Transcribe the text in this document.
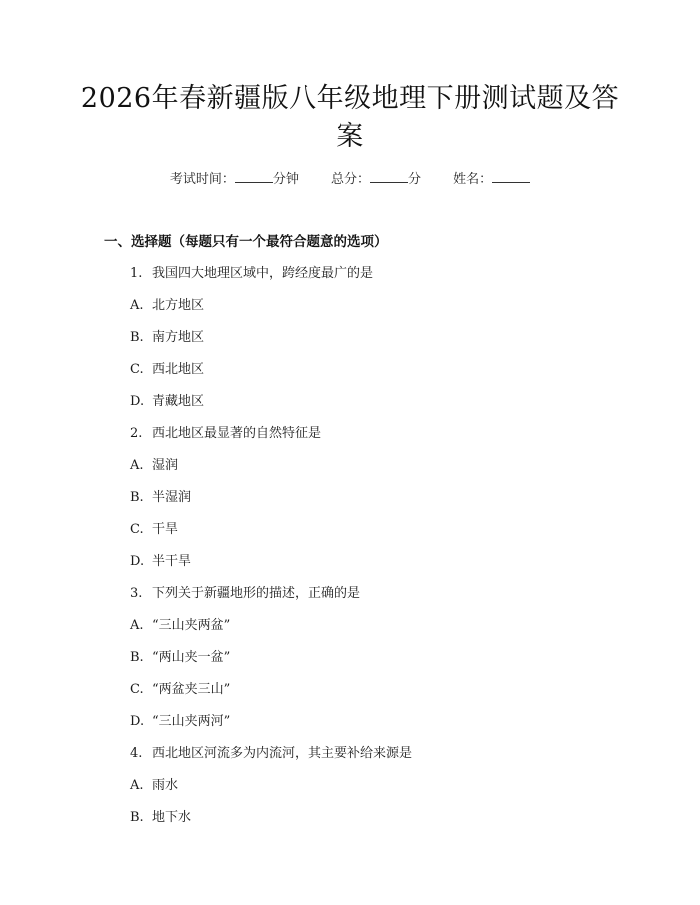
2026年春新疆版八年级地理下册测试题及答
案
考试时间：	分钟 总分：	分 姓名：
一、选择题（每题只有一个最符合题意的选项）
1. 我国四大地理区域中，跨经度最广的是
A. 北方地区
B. 南方地区
C. 西北地区
D. 青藏地区
2. 西北地区最显著的自然特征是
A. 湿润
B. 半湿润
C. 干旱
D. 半干旱
3. 下列关于新疆地形的描述，正确的是
A. “三山夹两盆”
B. “两山夹一盆”
C. “两盆夹三山”
D. “三山夹两河”
4. 西北地区河流多为内流河，其主要补给来源是
A. 雨水
B. 地下水
